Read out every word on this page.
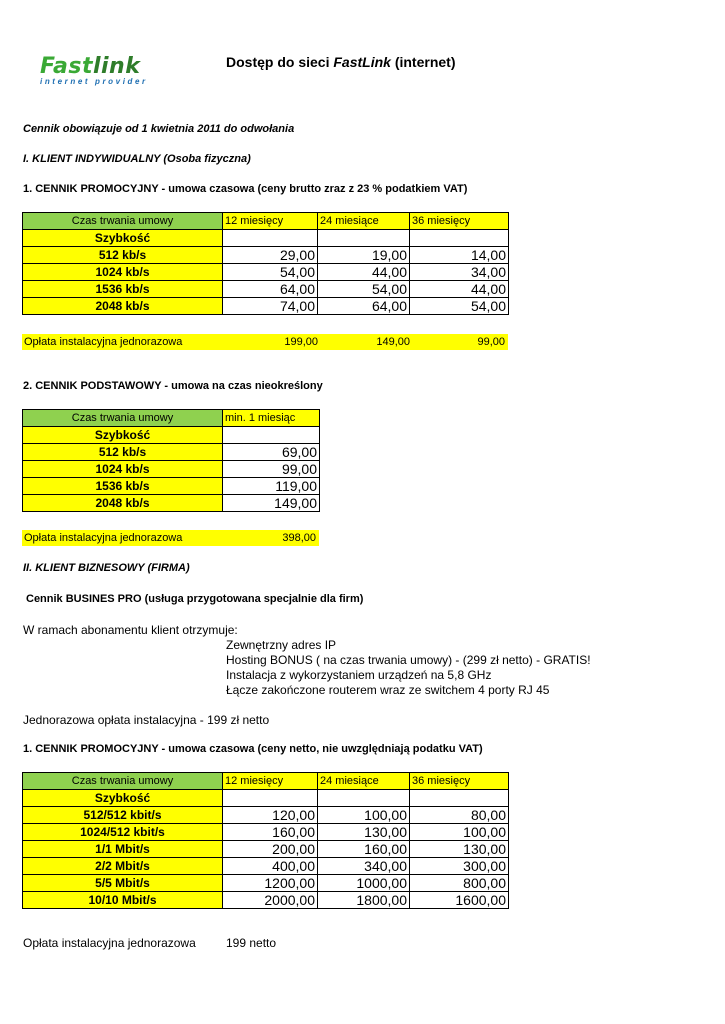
Fastlink
internet provider
Dostęp do sieci FastLink (internet)
Cennik obowiązuje od 1 kwietnia 2011 do odwołania
I. KLIENT INDYWIDUALNY (Osoba fizyczna)
1. CENNIK PROMOCYJNY - umowa czasowa (ceny brutto zraz z 23 % podatkiem VAT)
Czas trwania umowy	12 miesięcy	24 miesiące	36 miesięcy
Szybkość			
512 kb/s	29,00	19,00	14,00
1024 kb/s	54,00	44,00	34,00
1536 kb/s	64,00	54,00	44,00
2048 kb/s	74,00	64,00	54,00
Opłata instalacyjna jednorazowa	199,00	149,00	99,00
2. CENNIK PODSTAWOWY - umowa na czas nieokreślony
Czas trwania umowy	min. 1 miesiąc
Szybkość	
512 kb/s	69,00
1024 kb/s	99,00
1536 kb/s	119,00
2048 kb/s	149,00
Opłata instalacyjna jednorazowa	398,00
II. KLIENT BIZNESOWY (FIRMA)
Cennik BUSINES PRO (usługa przygotowana specjalnie dla firm)
W ramach abonamentu klient otrzymuje:
Zewnętrzny adres IP
Hosting BONUS ( na czas trwania umowy) - (299 zł netto) - GRATIS!
Instalacja z wykorzystaniem urządzeń na 5,8 GHz
Łącze zakończone routerem wraz ze switchem 4 porty RJ 45
Jednorazowa opłata instalacyjna - 199 zł netto
1. CENNIK PROMOCYJNY - umowa czasowa (ceny netto, nie uwzględniają podatku VAT)
Czas trwania umowy	12 miesięcy	24 miesiące	36 miesięcy
Szybkość			
512/512 kbit/s	120,00	100,00	80,00
1024/512 kbit/s	160,00	130,00	100,00
1/1 Mbit/s	200,00	160,00	130,00
2/2 Mbit/s	400,00	340,00	300,00
5/5 Mbit/s	1200,00	1000,00	800,00
10/10 Mbit/s	2000,00	1800,00	1600,00
Opłata instalacyjna jednorazowa	199 netto
